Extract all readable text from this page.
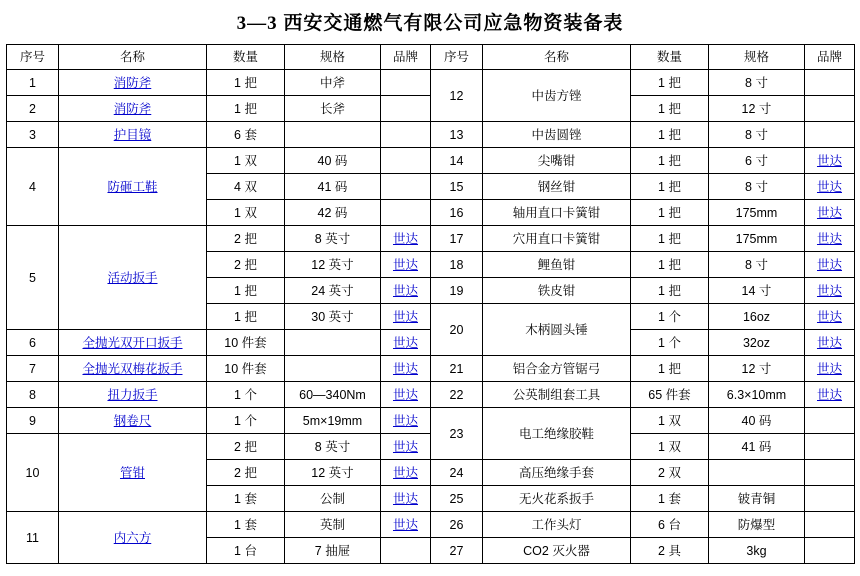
3—3 西安交通燃气有限公司应急物资装备表
序号	名称	数量	规格	品牌	序号	名称	数量	规格	品牌
1	消防斧	1 把	中斧		12	中齿方锉	1 把	8 寸	
2	消防斧	1 把	长斧				1 把	12 寸	
3	护目镜	6 套			13	中齿圆锉	1 把	8 寸	
4	防砸工鞋	1 双	40 码		14	尖嘴钳	1 把	6 寸	世达
		4 双	41 码		15	钢丝钳	1 把	8 寸	世达
		1 双	42 码		16	轴用直口卡簧钳	1 把	175mm	世达
5	活动扳手	2 把	8 英寸	世达	17	穴用直口卡簧钳	1 把	175mm	世达
		2 把	12 英寸	世达	18	鲤鱼钳	1 把	8 寸	世达
		1 把	24 英寸	世达	19	铁皮钳	1 把	14 寸	世达
		1 把	30 英寸	世达	20	木柄圆头锤	1 个	16oz	世达
6	全抛光双开口扳手	10 件套		世达			1 个	32oz	世达
7	全抛光双梅花扳手	10 件套		世达	21	铝合金方管锯弓	1 把	12 寸	世达
8	扭力扳手	1 个	60—340Nm	世达	22	公英制组套工具	65 件套	6.3×10mm	世达
9	钢卷尺	1 个	5m×19mm	世达	23	电工绝缘胶鞋	1 双	40 码	
10	管钳	2 把	8 英寸	世达			1 双	41 码	
		2 把	12 英寸	世达	24	高压绝缘手套	2 双		
		1 套	公制	世达	25	无火花系扳手	1 套	铍青铜	
11	内六方	1 套	英制	世达	26	工作头灯	6 台	防爆型	
		1 台	7 抽屉		27	CO2 灭火器	2 具	3kg	
